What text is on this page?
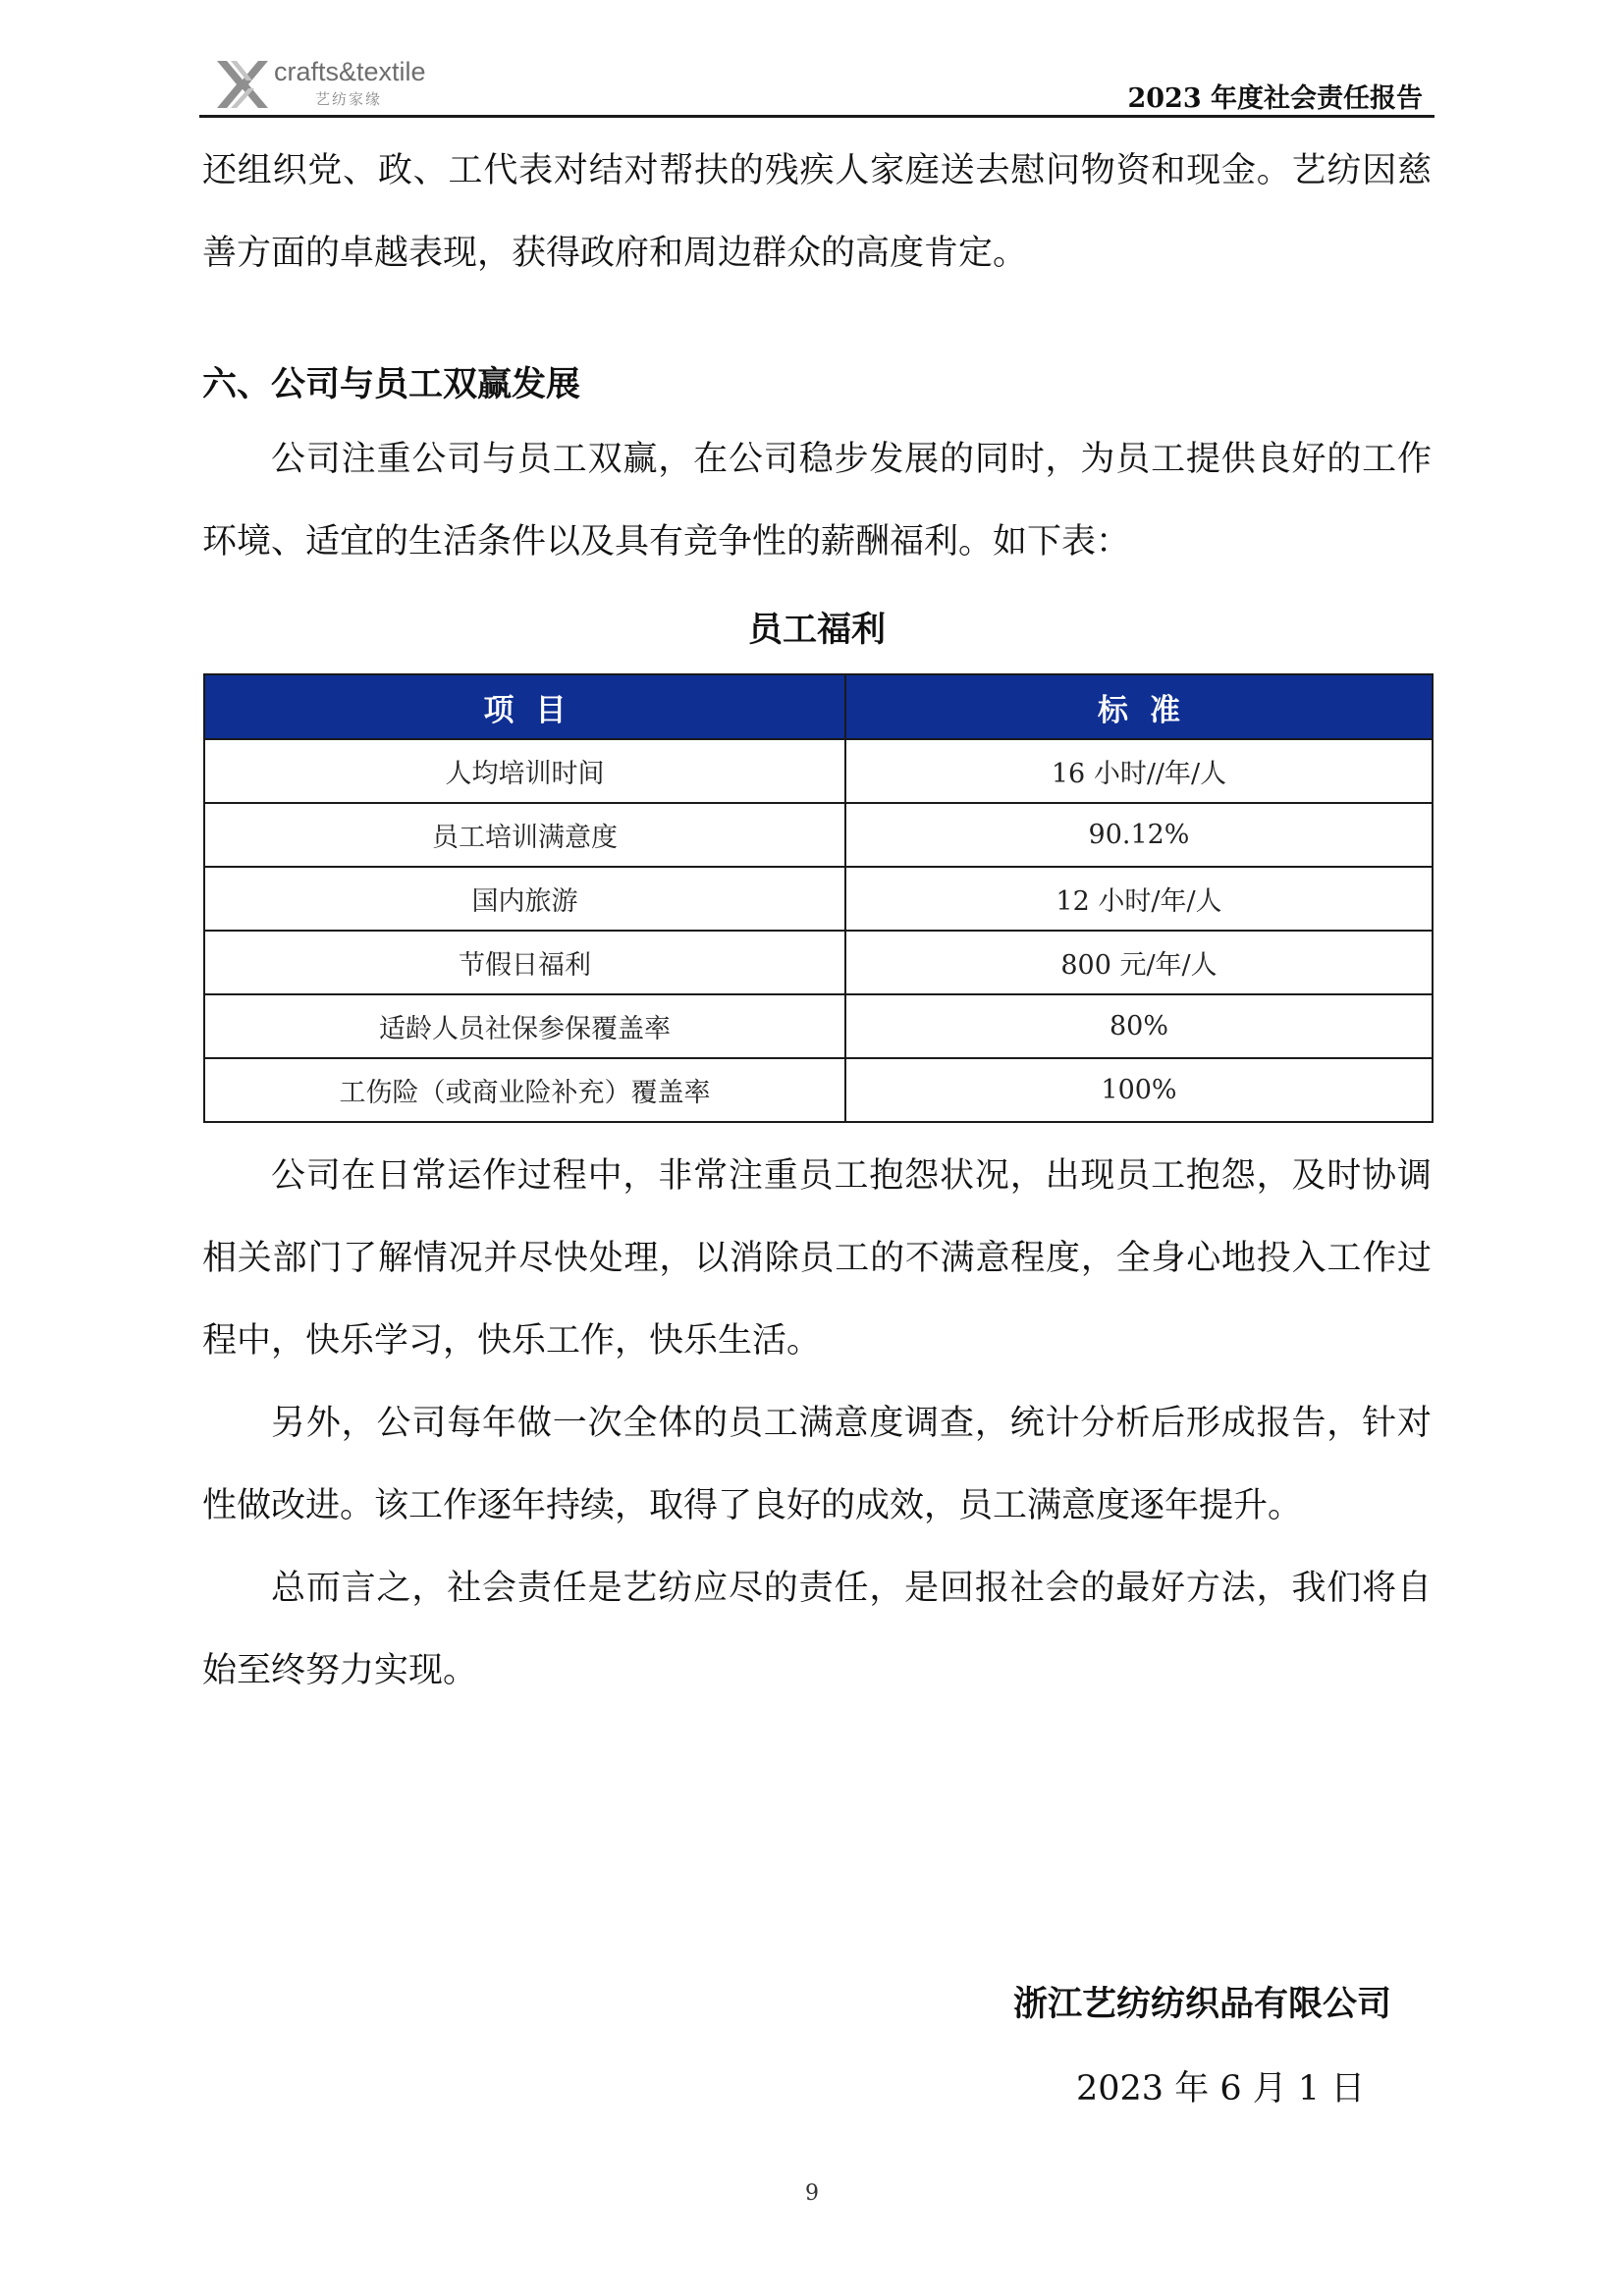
crafts&textile
艺纺家缘	2023 年度社会责任报告

还组织党、政、工代表对结对帮扶的残疾人家庭送去慰问物资和现金。艺纺因慈善方面的卓越表现，获得政府和周边群众的高度肯定。

六、公司与员工双赢发展

公司注重公司与员工双赢，在公司稳步发展的同时，为员工提供良好的工作环境、适宜的生活条件以及具有竞争性的薪酬福利。如下表：

员工福利
项目	标准
人均培训时间	16 小时//年/人
员工培训满意度	90.12%
国内旅游	12 小时/年/人
节假日福利	800 元/年/人
适龄人员社保参保覆盖率	80%
工伤险（或商业险补充）覆盖率	100%

公司在日常运作过程中，非常注重员工抱怨状况，出现员工抱怨，及时协调相关部门了解情况并尽快处理，以消除员工的不满意程度，全身心地投入工作过程中，快乐学习，快乐工作，快乐生活。

另外，公司每年做一次全体的员工满意度调查，统计分析后形成报告，针对性做改进。该工作逐年持续，取得了良好的成效，员工满意度逐年提升。

总而言之，社会责任是艺纺应尽的责任，是回报社会的最好方法，我们将自始至终努力实现。

浙江艺纺纺织品有限公司
2023 年 6 月 1 日
9
